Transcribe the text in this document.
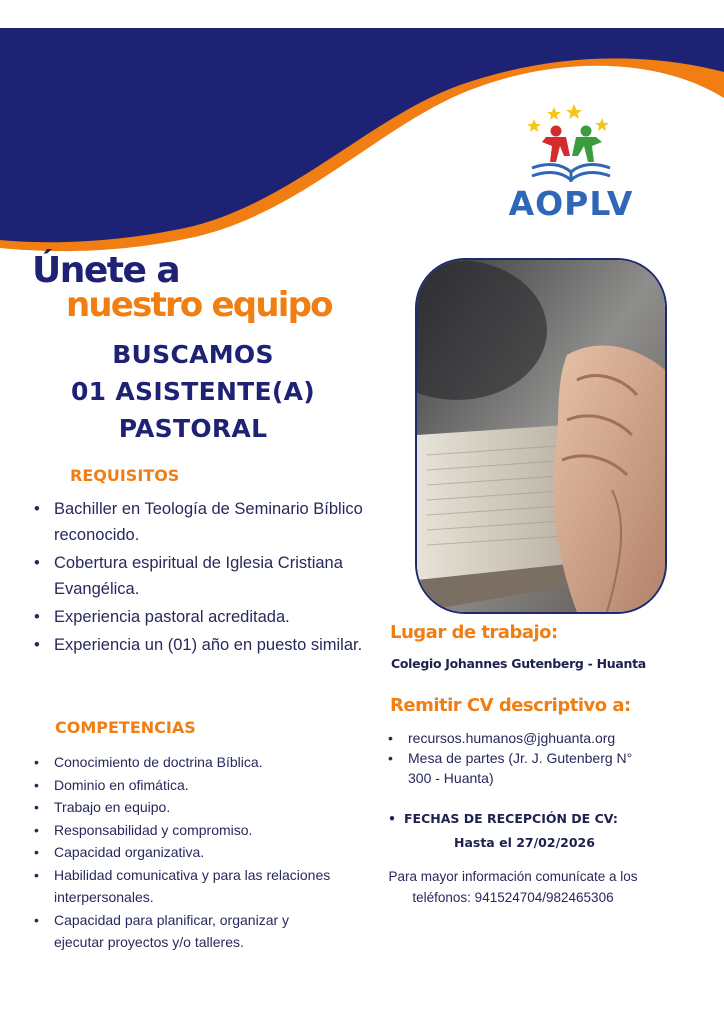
AOPLV
Únete a
nuestro equipo
BUSCAMOS
01 ASISTENTE(A)
PASTORAL
REQUISITOS
• Bachiller en Teología de Seminario Bíblico reconocido.
• Cobertura espiritual de Iglesia Cristiana Evangélica.
• Experiencia pastoral acreditada.
• Experiencia un (01) año en puesto similar.
COMPETENCIAS
• Conocimiento de doctrina Bíblica.
• Dominio en ofimática.
• Trabajo en equipo.
• Responsabilidad y compromiso.
• Capacidad organizativa.
• Habilidad comunicativa y para las relaciones interpersonales.
• Capacidad para planificar, organizar y ejecutar proyectos y/o talleres.
Lugar de trabajo:
Colegio Johannes Gutenberg - Huanta
Remitir CV descriptivo a:
• recursos.humanos@jghuanta.org
• Mesa de partes (Jr. J. Gutenberg N° 300 - Huanta)
• FECHAS DE RECEPCIÓN DE CV:
Hasta el 27/02/2026
Para mayor información comunícate a los
teléfonos: 941524704/982465306
